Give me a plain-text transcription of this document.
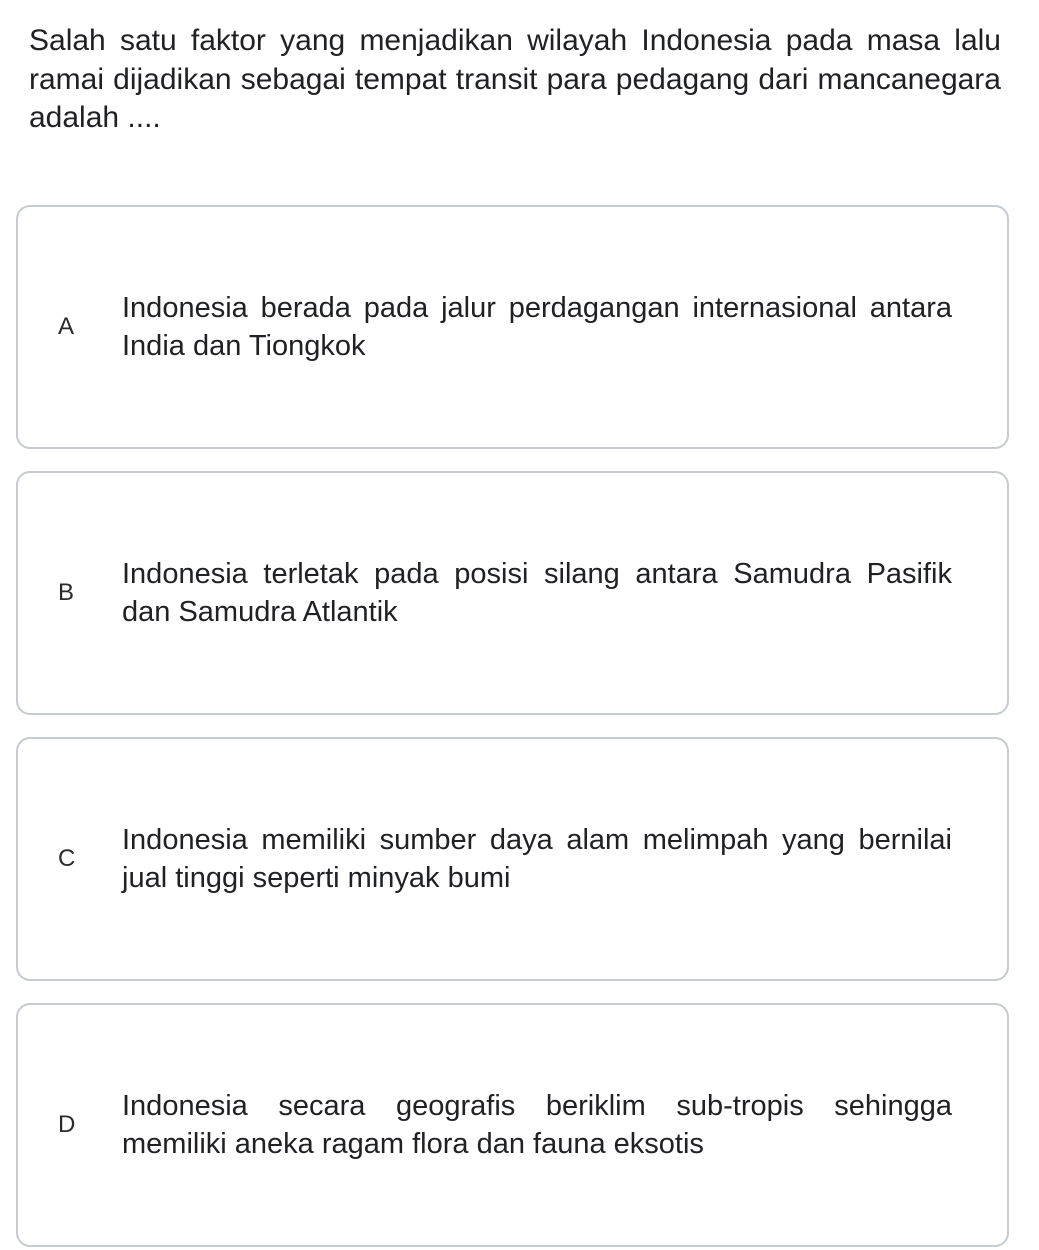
Salah satu faktor yang menjadikan wilayah Indonesia pada masa lalu ramai dijadikan sebagai tempat transit para pedagang dari mancanegara adalah ....

A
Indonesia berada pada jalur perdagangan internasional antara India dan Tiongkok
B
Indonesia terletak pada posisi silang antara Samudra Pasifik dan Samudra Atlantik
C
Indonesia memiliki sumber daya alam melimpah yang bernilai jual tinggi seperti minyak bumi
D
Indonesia secara geografis beriklim sub-tropis sehingga memiliki aneka ragam flora dan fauna eksotis
